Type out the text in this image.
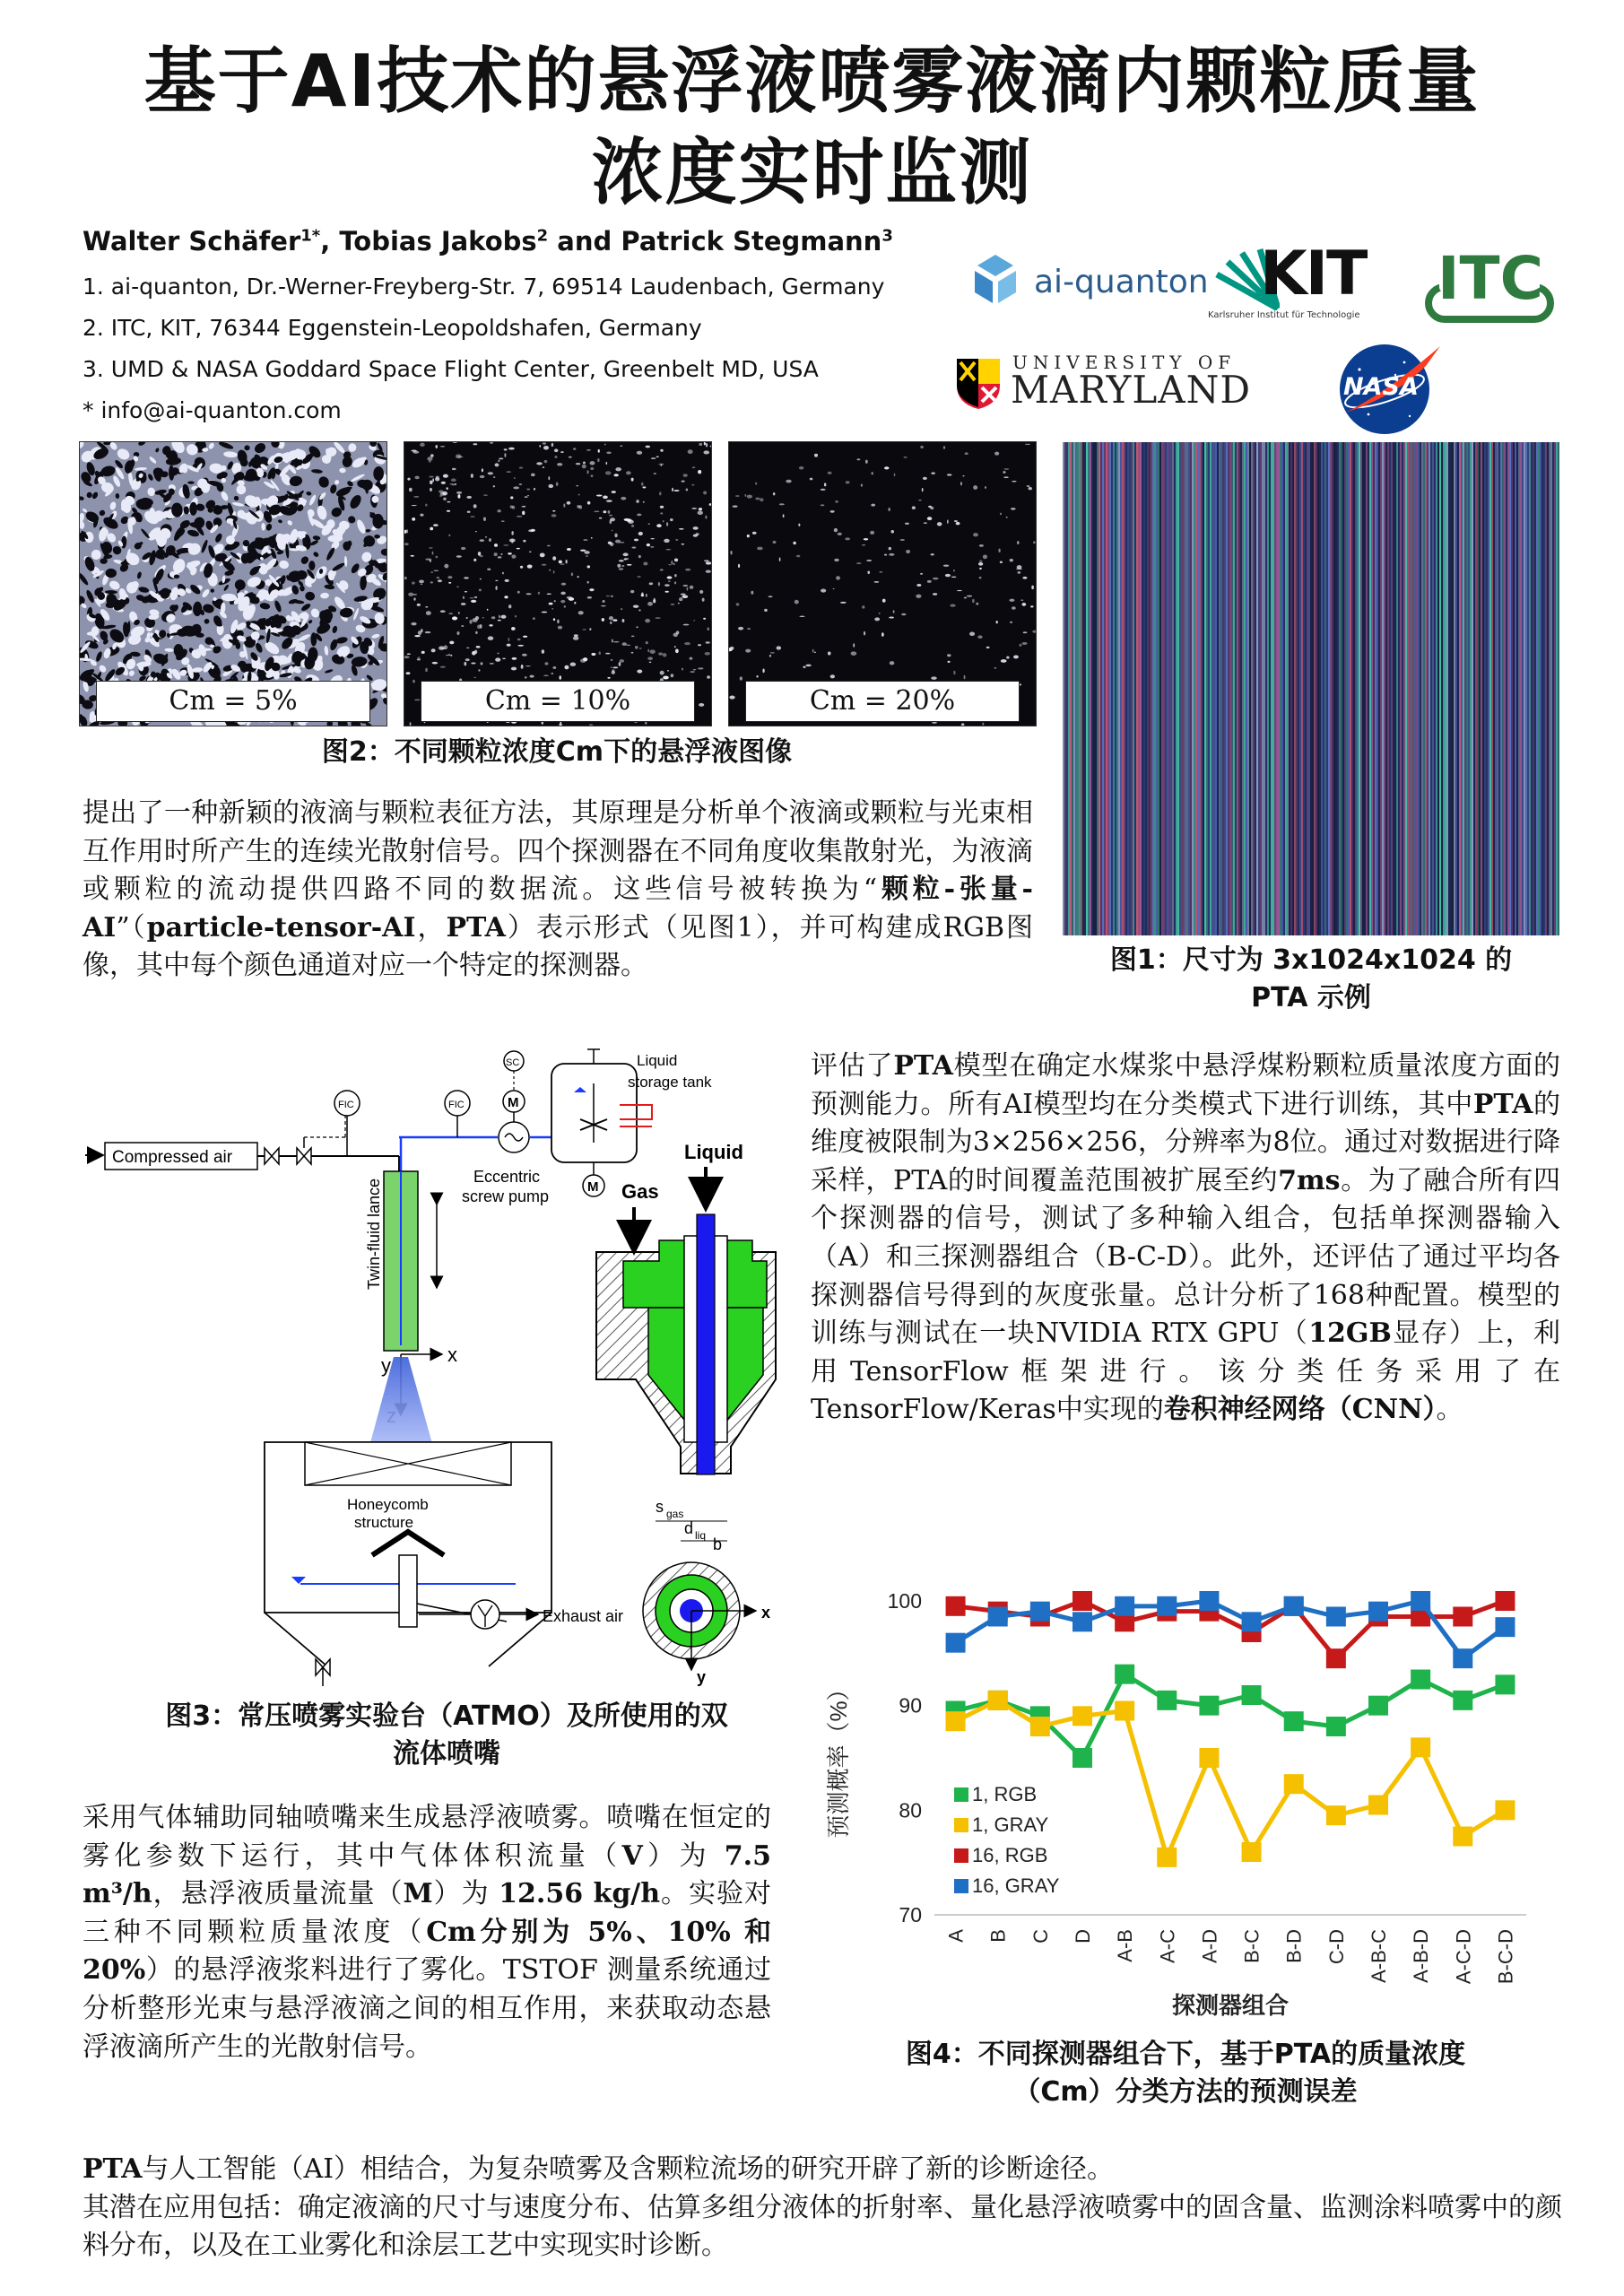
基于AI技术的悬浮液喷雾液滴内颗粒质量
浓度实时监测
Walter Schäfer$^{1*}$, Tobias Jakobs$^2$ and Patrick Stegmann$^3$
1. ai-quanton, Dr.-Werner-Freyberg-Str. 7, 69514 Laudenbach, Germany
2. ITC, KIT, 76344 Eggenstein-Leopoldshafen, Germany
3. UMD & NASA Goddard Space Flight Center, Greenbelt MD, USA
* info@ai-quanton.com
ai-quanton KIT
Karlsruher Institut für Technologie
ITC
UNIVERSITY OF
MARYLAND	NASA
Cm = 5%	Cm = 10%	Cm = 20%
图2：不同颗粒浓度Cm下的悬浮液图像
图1：尺寸为 3x1024x1024 的
PTA 示例
提出了一种新颖的液滴与颗粒表征方法，其原理是分析单个液滴或颗粒与光束相互作用时所产生的连续光散射信号。四个探测器在不同角度收集散射光，为液滴或颗粒的流动提供四路不同的数据流。这些信号被转换为“颗粒-张量-AI”（particle-tensor-AI，PTA）表示形式（见图1），并可构建成RGB图像，其中每个颜色通道对应一个特定的探测器。
Compressed air
FIC	FIC	M
SC
Eccentric
screw pump
M
Liquid
storage tank
Twin-fluid lance
x
y
Honeycomb
structure
Exhaust air
Gas
Liquid
s gas
d liq b
x
y
图3：常压喷雾实验台（ATMO）及所使用的双
流体喷嘴
采用气体辅助同轴喷嘴来生成悬浮液喷雾。喷嘴在恒定的雾化参数下运行，其中气体体积流量（V）为 7.5 m³/h，悬浮液质量流量（M）为 12.56 kg/h。实验对三种不同颗粒质量浓度（Cm分别为 5%、10% 和 20%）的悬浮液浆料进行了雾化。TSTOF 测量系统通过分析整形光束与悬浮液滴之间的相互作用，来获取动态悬浮液滴所产生的光散射信号。
评估了PTA模型在确定水煤浆中悬浮煤粉颗粒质量浓度方面的预测能力。所有AI模型均在分类模式下进行训练，其中PTA的维度被限制为3×256×256，分辨率为8位。通过对数据进行降采样，PTA的时间覆盖范围被扩展至约7ms。为了融合所有四个探测器的信号，测试了多种输入组合，包括单探测器输入（A）和三探测器组合（B-C-D）。此外，还评估了通过平均各探测器信号得到的灰度张量。总计分析了168种配置。模型的训练与测试在一块NVIDIA RTX GPU（12GB显存）上，利用TensorFlow框架进行。该分类任务采用了在TensorFlow/Keras中实现的卷积神经网络（CNN）。
70
80
90
100
A B C D A-B A-C A-D B-C B-D C-D A-B-C A-B-D A-C-D B-C-D
探测器组合
预测概率（%）	1, RGB
1, GRAY
16, RGB
16, GRAY
图4：不同探测器组合下，基于PTA的质量浓度
（Cm）分类方法的预测误差
PTA与人工智能（AI）相结合，为复杂喷雾及含颗粒流场的研究开辟了新的诊断途径。
其潜在应用包括：确定液滴的尺寸与速度分布、估算多组分液体的折射率、量化悬浮液喷雾中的固含量、监测涂料喷雾中的颜料分布，以及在工业雾化和涂层工艺中实现实时诊断。
